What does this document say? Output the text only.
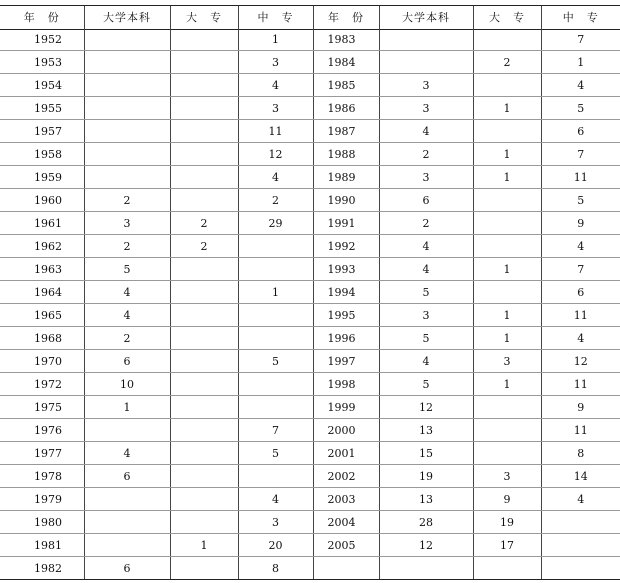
年　份	大学本科	大　专	中　专	年　份	大学本科	大　专	中　专
1952			1	1983			7
1953			3	1984		2	1
1954			4	1985	3		4
1955			3	1986	3	1	5
1957			11	1987	4		6
1958			12	1988	2	1	7
1959			4	1989	3	1	11
1960	2		2	1990	6		5
1961	3	2	29	1991	2		9
1962	2	2		1992	4		4
1963	5			1993	4	1	7
1964	4		1	1994	5		6
1965	4			1995	3	1	11
1968	2			1996	5	1	4
1970	6		5	1997	4	3	12
1972	10			1998	5	1	11
1975	1			1999	12		9
1976			7	2000	13		11
1977	4		5	2001	15		8
1978	6			2002	19	3	14
1979			4	2003	13	9	4
1980			3	2004	28	19	
1981		1	20	2005	12	17	
1982	6		8				
